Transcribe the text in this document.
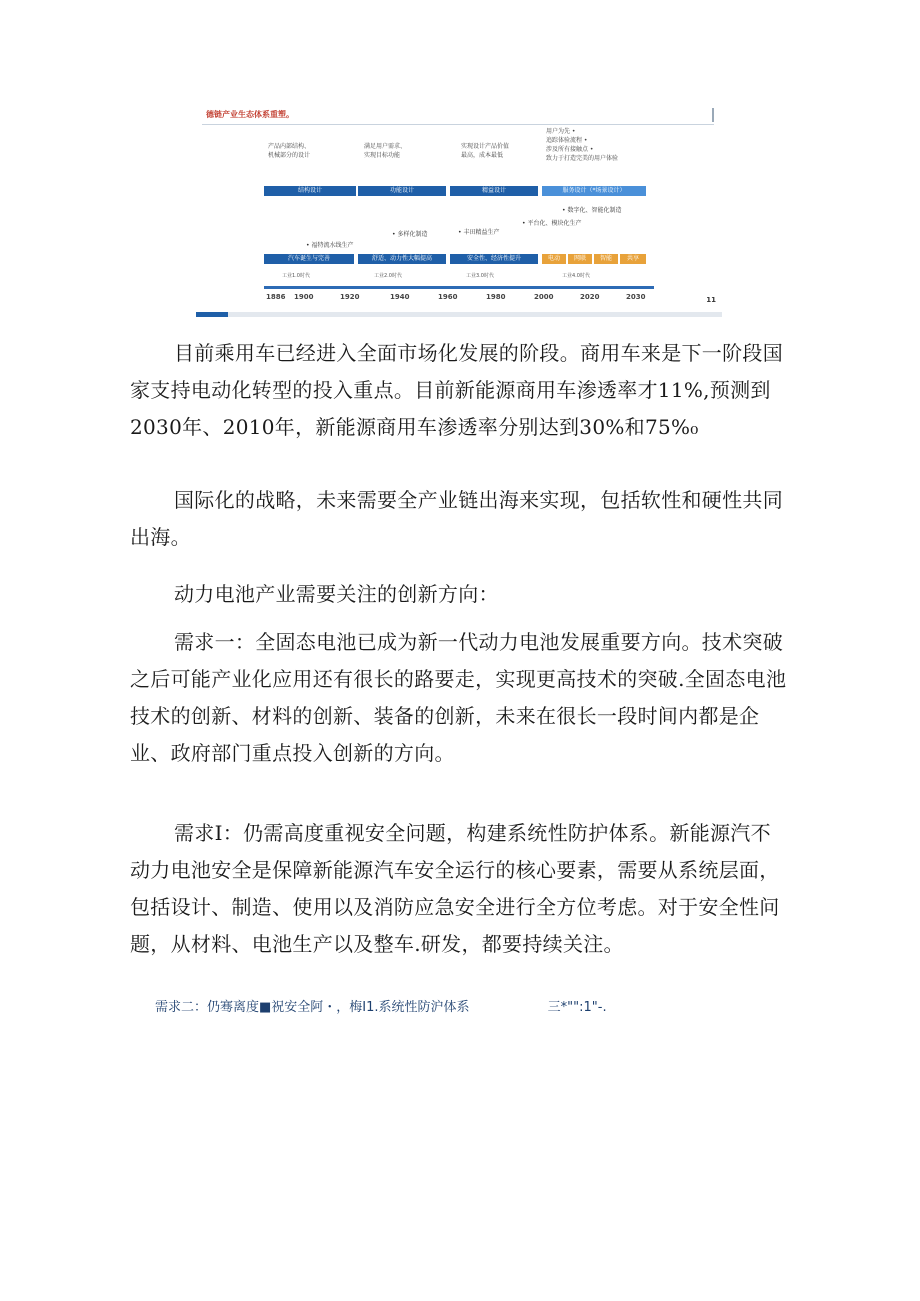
德链产业生态体系重塑。
产品内部结构、
机械部分的设计
满足用户需求、
实现目标功能
实现设计产品价值
最高，成本最低
用户为先 •
追踪体验流程 •
涉及所有接触点 •
致力于打造完美的用户体验
结构设计	功能设计	精益设计	服务设计（*场景设计）
• 福特流水线生产
• 多样化制造	• 丰田精益生产
• 平台化、模块化生产
• 数字化、智能化制造
汽车诞生与完善	舒适、动力性大幅提高	安全性、经济性提升	电动	网联	智能	共享
工业1.0时代	工业2.0时代	工业3.0时代	工业4.0时代
1886 1900	1920	1940	1960	1980	2000	2020	2030	11

目前乘用车已经进入全面市场化发展的阶段。商用车来是下一阶段国家支持电动化转型的投入重点。目前新能源商用车渗透率才11%,预测到2030年、2010年，新能源商用车渗透率分别达到30%和75%₀

国际化的战略，未来需要全产业链出海来实现，包括软性和硬性共同出海。

动力电池产业需要关注的创新方向：

需求一：全固态电池已成为新一代动力电池发展重要方向。技术突破之后可能产业化应用还有很长的路要走，实现更高技术的突破.全固态电池技术的创新、材料的创新、装备的创新，未来在很长一段时间内都是企业、政府部门重点投入创新的方向。

需求I：仍需高度重视安全问题，构建系统性防护体系。新能源汽不动力电池安全是保障新能源汽车安全运行的核心要素，需要从系统层面，包括设计、制造、使用以及消防应急安全进行全方位考虑。对于安全性问题，从材料、电池生产以及整车.研发，都要持续关注。

需求二：仍骞离度■祝安全阿・，梅I1.系统性防沪体系	三*"":1"-.
